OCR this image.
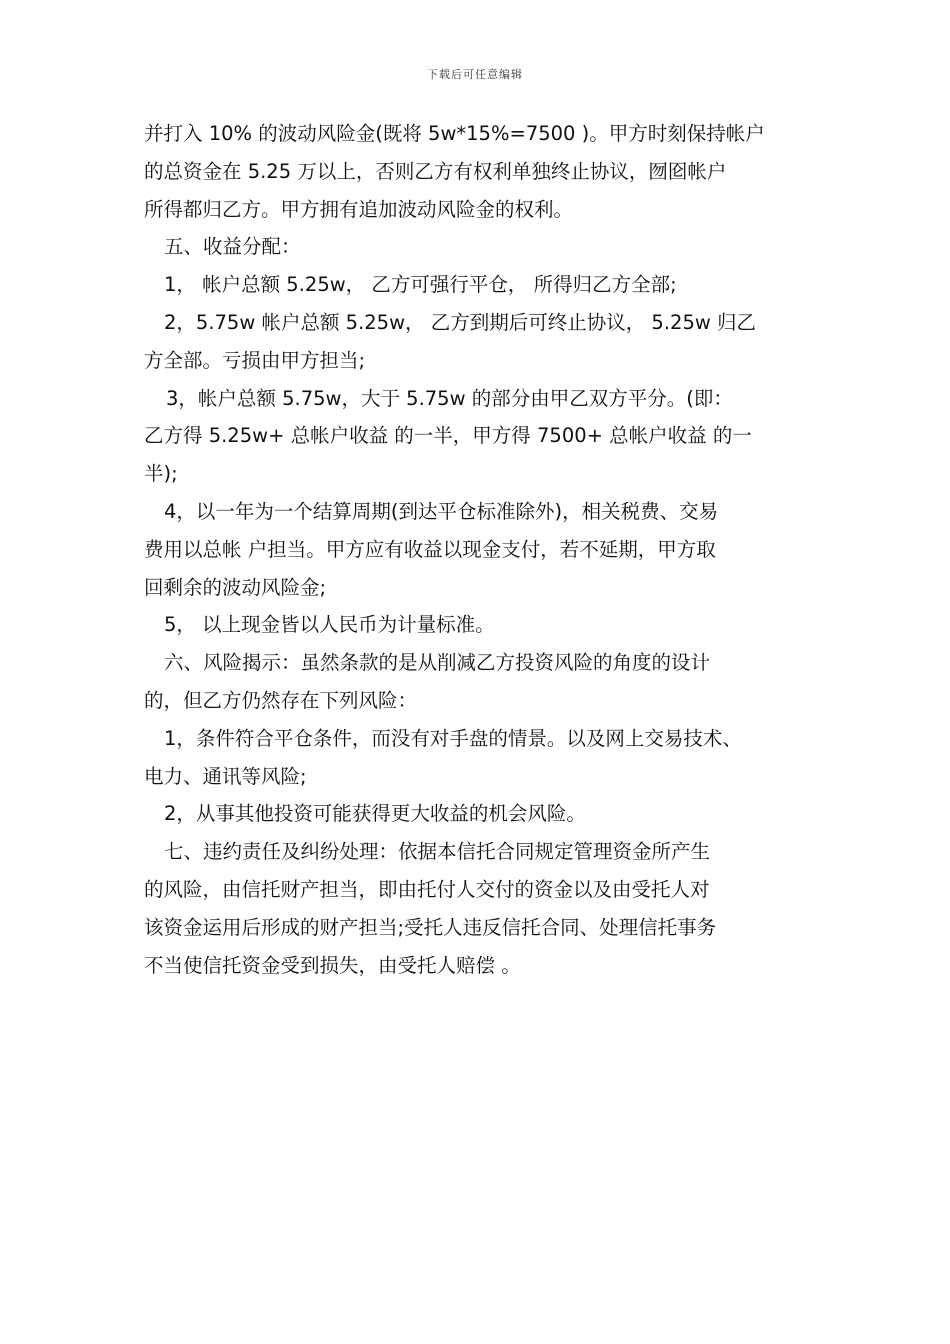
下载后可任意编辑
并打入 10% 的波动风险金(既将 5w*15%=7500 )。甲方时刻保持帐户
的总资金在 5.25 万以上，否则乙方有权利单独终止协议，囫囵帐户
所得都归乙方。甲方拥有追加波动风险金的权利。
五、收益分配：
1， 帐户总额 5.25w， 乙方可强行平仓， 所得归乙方全部;
2，5.75w 帐户总额 5.25w， 乙方到期后可终止协议， 5.25w 归乙
方全部。亏损由甲方担当;
3，帐户总额 5.75w，大于 5.75w 的部分由甲乙双方平分。(即：
乙方得 5.25w+ 总帐户收益 的一半，甲方得 7500+ 总帐户收益 的一
半);
4，以一年为一个结算周期(到达平仓标准除外)，相关税费、交易
费用以总帐 户担当。甲方应有收益以现金支付，若不延期，甲方取
回剩余的波动风险金;
5， 以上现金皆以人民币为计量标准。
六、风险揭示：虽然条款的是从削减乙方投资风险的角度的设计
的，但乙方仍然存在下列风险：
1，条件符合平仓条件，而没有对手盘的情景。以及网上交易技术、
电力、通讯等风险;
2，从事其他投资可能获得更大收益的机会风险。
七、违约责任及纠纷处理：依据本信托合同规定管理资金所产生
的风险，由信托财产担当，即由托付人交付的资金以及由受托人对
该资金运用后形成的财产担当;受托人违反信托合同、处理信托事务
不当使信托资金受到损失，由受托人赔偿 。
